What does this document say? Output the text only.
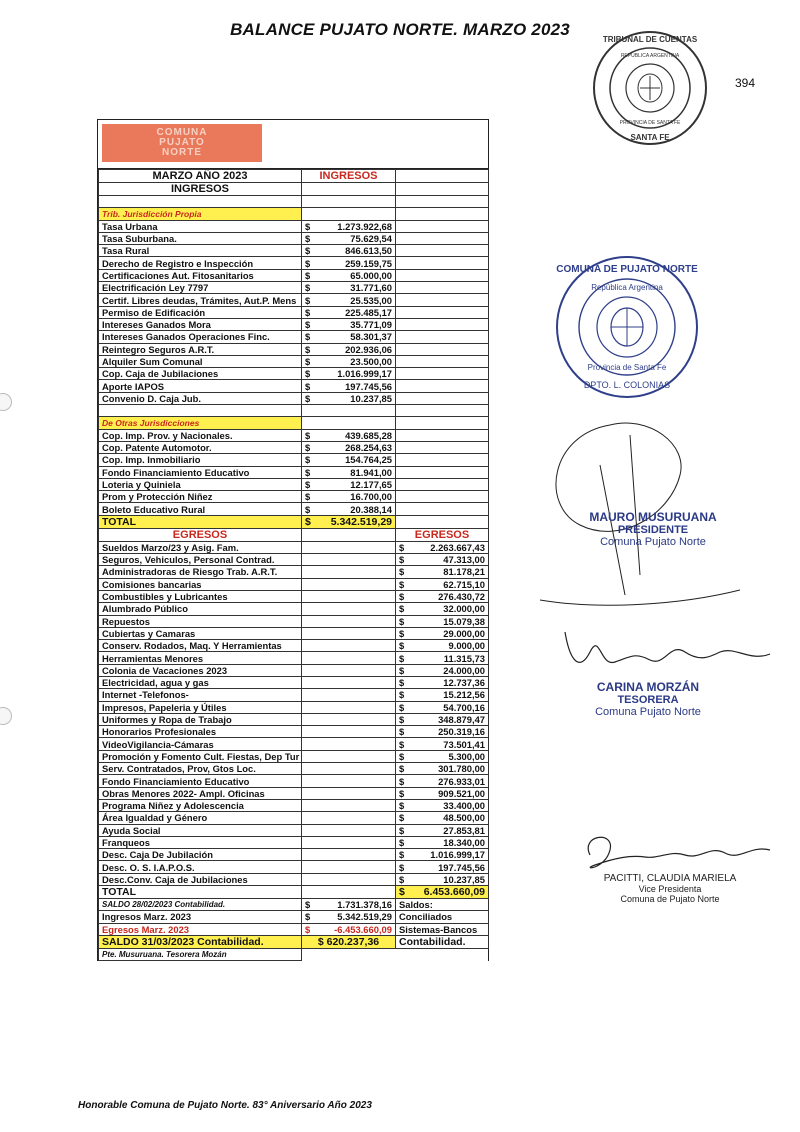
BALANCE PUJATO NORTE. MARZO 2023
394
TRIBUNAL DE CUENTAS
SANTA FE
REPÚBLICA ARGENTINA
PROVINCIA DE SANTA FE
COMUNA DE PUJATO NORTE
República Argentina
Provincia de Santa Fe
DPTO. L. COLONIAS
MAURO MUSURUANA
PRESIDENTE
Comuna Pujato Norte
CARINA MORZÁN
TESORERA
Comuna Pujato Norte
PACITTI, CLAUDIA MARIELA
Vice Presidenta
Comuna de Pujato Norte
COMUNA
PUJATO
NORTE
MARZO AÑO 2023	INGRESOS	
INGRESOS		

Trib. Jurisdicción Propia		
Tasa Urbana	$ 1.273.922,68	

Tasa Suburbana.	$ 75.629,54	

Tasa Rural	$ 846.613,50	

Derecho de Registro e Inspección	$ 259.159,75	

Certificaciones Aut. Fitosanitarios	$ 65.000,00	

Electrificación Ley 7797	$ 31.771,60	

Certif. Libres deudas, Trámites, Aut.P. Mens	$ 25.535,00	

Permiso de Edificación	$ 225.485,17	

Intereses Ganados Mora	$ 35.771,09	

Intereses Ganados Operaciones Finc.	$ 58.301,37	

Reintegro Seguros A.R.T.	$ 202.936,06	

Alquiler Sum Comunal	$ 23.500,00	

Cop. Caja de Jubilaciones	$ 1.016.999,17	

Aporte IAPOS	$ 197.745,56	

Convenio D. Caja Jub.	$ 10.237,85	

De Otras Jurisdicciones		
Cop. Imp. Prov. y Nacionales.	$ 439.685,28	

Cop. Patente Automotor.	$ 268.254,63	

Cop. Imp. Inmobiliario	$ 154.764,25	

Fondo Financiamiento Educativo	$ 81.941,00	

Loteria y Quiniela	$ 12.177,65	

Prom y Protección Niñez	$ 16.700,00	

Boleto Educativo Rural	$ 20.388,14	

TOTAL	$ 5.342.519,29	

EGRESOS		EGRESOS
Sueldos Marzo/23 y Asig. Fam.		$ 2.263.667,43

Seguros, Vehiculos, Personal Contrad.		$ 47.313,00

Administradoras de Riesgo Trab. A.R.T.		$ 81.178,21

Comisiones bancarias		$ 62.715,10

Combustibles y Lubricantes		$ 276.430,72

Alumbrado Público		$ 32.000,00

Repuestos		$ 15.079,38

Cubiertas y Camaras		$ 29.000,00

Conserv. Rodados, Maq. Y Herramientas		$ 9.000,00

Herramientas Menores		$ 11.315,73

Colonia de Vacaciones 2023		$ 24.000,00

Electricidad, agua y gas		$ 12.737,36

Internet -Telefonos-		$ 15.212,56

Impresos, Papeleria y Útiles		$ 54.700,16

Uniformes y Ropa de Trabajo		$ 348.879,47

Honorarios Profesionales		$ 250.319,16

VideoVigilancia-Cámaras		$ 73.501,41

Promoción y Fomento Cult. Fiestas, Dep Tur		$ 5.300,00

Serv. Contratados, Prov, Gtos Loc.		$ 301.780,00

Fondo Financiamiento Educativo		$ 276.933,01

Obras Menores 2022- Ampl. Oficinas		$ 909.521,00

Programa Niñez y Adolescencia		$ 33.400,00

Área Igualdad y Género		$ 48.500,00

Ayuda Social		$ 27.853,81

Franqueos		$ 18.340,00

Desc. Caja De Jubilación		$ 1.016.999,17

Desc. O. S. I.A.P.O.S.		$ 197.745,56

Desc.Conv. Caja de Jubilaciones		$ 10.237,85

TOTAL		$ 6.453.660,09

SALDO 28/02/2023 Contabilidad.	$ 1.731.378,16	Saldos:
Ingresos Marz. 2023	$ 5.342.519,29	Conciliados
Egresos Marz. 2023	$ -6.453.660,09	Sistemas-Bancos
SALDO 31/03/2023 Contabilidad.	$ 620.237,36	Contabilidad.
Pte. Musuruana. Tesorera Mozán		
Honorable Comuna de Pujato Norte. 83° Aniversario Año 2023
